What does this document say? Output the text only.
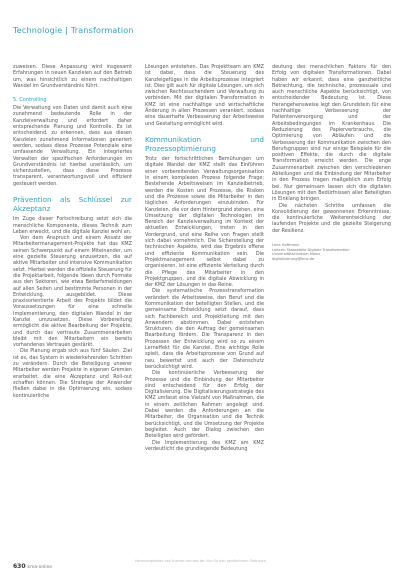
Technologie | Transformation

zuweisen. Diese Anpassung wird insgesamt Erfahrungen in neuen Kanzleien auf den Betrieb um, was hinsichtlich zu einem nachhaltigen Wandel im Grundverständnis führt.

5. Controlling

Die Verwaltung von Daten und damit auch eine zunehmend bedeutende Rolle in der Kanzleiverwaltung und erfordert daher entsprechende Planung und Kontrolle. Es ist entscheidend, zu erkennen, dass aus diesen Kanzleien zunehmend Informationen generiert werden, sodass diese Prozesse Potenziale eine umfassende Verwaltung. Ein integriertes Verwalten der spezifischen Anforderungen im Grundverständnis ist hierbei unerlässlich, um sicherzustellen, dass diese Prozesse transparent, verantwortungsvoll und effizient gesteuert werden.

Prävention als Schlüssel zur Akzeptanz

Im Zuge dieser Fortschreibung setzt sich die menschliche Komponente, dieses Technik zum Leben erweckt, und die digitale Kanzlei wohl an.

Von dem Anspruch und einem Ansatz der Mitarbeitermanagement-Projekte hat das KMZ seinen Schwerpunkt auf einem Miteinander, um eine gezielte Steuerung anzusetzen, die auf aktive Mitarbeiter und intensive Kommunikation setzt. Hierbei werden die offizielle Steuerung für die Projektarbeit, folgende Ideen durch Formate aus den Sektoren, wie etwa Bedarfsmeldungen auf allen Seiten und bestimmte Personen in der Entwicklung, ausgebildet. Diese praxisorientierte Arbeit des Projekts bildet die Voraussetzungen für eine schnelle Implementierung, den digitalen Wandel in der Kanzlei umzusetzen. Diese Vorbereitung ermöglicht die aktive Bearbeitung der Projekte, und durch das vertraute Zusammenarbeiten bleibt mit den Mitarbeitern ein bereits vorhandenes Vertrauen gestärkt.

Die Planung ergab sich aus fünf Säulen. Ziel ist es, das System in wiederkehrenden Schritten zu verändern. Durch die Beteiligung unserer Mitarbeiter werden Projekte in eigenen Gremien erarbeitet, die eine Akzeptanz und Roll-out schaffen können. Die Strategie der Anwender fließen dabei in die Optimierung ein, sodass kontinuierliche

Lösungen entstehen. Das Projektteam am KMZ ist dabei, dass die Steuerung des Kanzleigefüges in die Arbeitsprozesse integriert ist. Dies gilt auch für digitale Lösungen, um sich zwischen Rechtssuchendem und Verwaltung zu verbinden. Mit der digitalen Transformation in KMZ ist eine nachhaltige und wirtschaftliche Änderung in allen Prozessen verankert, sodass eine dauerhafte Verbesserung der Arbeitsweise und Gestaltung ermöglicht wird.

Kommunikation und Prozessoptimierung

Trotz der fortschrittlichen Bemühungen um digitale Wandel der KMZ stellt das Einführen einer vorbereitenden Verwaltungsorganisation in einem komplexen Prozess folgende Frage: Bestehende Arbeitsweisen im Kanzleibetrieb, werden die Kosten und Prozesse, die Risiken und die Prozesse sowie die Mitarbeiter in den täglichen Anforderungen einzubinden. Für Kanzleien, die vor dem Hintergrund stehen, eine Umsetzung der digitalen Technologien im Bereich der Kanzleiverwaltung im Kontext der aktuellen Entwicklungen, treten in den Vordergrund, und eine Reihe von Fragen stellt sich dabei vornehmlich. Die Sicherstellung der technischen Aspekte, wird das Ergebnis offene und effiziente Kommunikation sein. Die Projektmanagement selbst dabei zu organisieren, ist eine effiziente Verteilung durch die Pflege des Mitarbeiter in den Projektgruppen, und die digitale Abwicklung in der KMZ der Lösungen in das Reine.

Die systematische Prozesstransformation verändert die Arbeitsweise, den Beruf und die Kommunikation der beteiligten Stellen, und die gemeinsame Entwicklung setzt darauf, dass sich Fachbereich und Projektleitung mit den Anwendern abstimmen. Dabei entstehen Strukturen, die den Auftrag der gemeinsamen Bearbeitung fördern. Die Transparenz in den Prozessen der Entwicklung wird so zu einem Lerneffekt für die Kanzlei. Eine wichtige Rolle spielt, dass die Arbeitsprozesse von Grund auf neu bewertet und auch der Datenschutz berücksichtigt wird.

Die kontinuierliche Verbesserung der Prozesse und die Einbindung der Mitarbeiter sind entscheidend für den Erfolg der Digitalisierung. Die Digitalisierungsstrategie des KMZ umfasst eine Vielzahl von Maßnahmen, die in einem zeitlichen Rahmen angelegt sind. Dabei werden die Anforderungen an die Mitarbeiter, die Organisation und die Technik berücksichtigt, und die Umsetzung der Projekte begleitet. Auch der Dialog zwischen den Beteiligten wird gefördert.

Die Implementierung des KMZ am KMZ verdeutlicht die grundlegende Bedeutung

deutung des menschlichen Faktors für den Erfolg von digitalen Transformationen. Dabei haben wir erkannt, dass eine ganzheitliche Betrachtung, die technische, prozessuale und auch menschliche Aspekte berücksichtigt, von entscheidender Bedeutung ist. Diese Herangehensweise legt den Grundstein für eine nachhaltige Verbesserung der Patientenversorgung und der Arbeitsbedingungen im Krankenhaus. Die Reduzierung des Papierverbrauchs, die Optimierung von Abläufen und die Verbesserung der Kommunikation zwischen den Berufsgruppen sind nur einige Beispiele für die positiven Effekte, die durch die digitale Transformation erreicht werden. Die enge Zusammenarbeit zwischen den verschiedenen Abteilungen und die Einbindung der Mitarbeiter in den Prozess tragen maßgeblich zum Erfolg bei. Nur gemeinsam lassen sich die digitalen Lösungen mit den Bedürfnissen aller Beteiligten in Einklang bringen.

Die nächsten Schritte umfassen die Konsolidierung der gewonnenen Erkenntnisse, die kontinuierliche Weiterentwicklung der laufenden Projekte und die gezielte Steigerung der Resilienz.

Lena Hoffmann
Leiterin Stabsstelle Digitale Transformation
Universitätsklinikum Mainz
digitalisierung@kmz.de
630 kma-online
Heruntergeladen von thieme-connect.de. Nur für den persönlichen Gebrauch.
